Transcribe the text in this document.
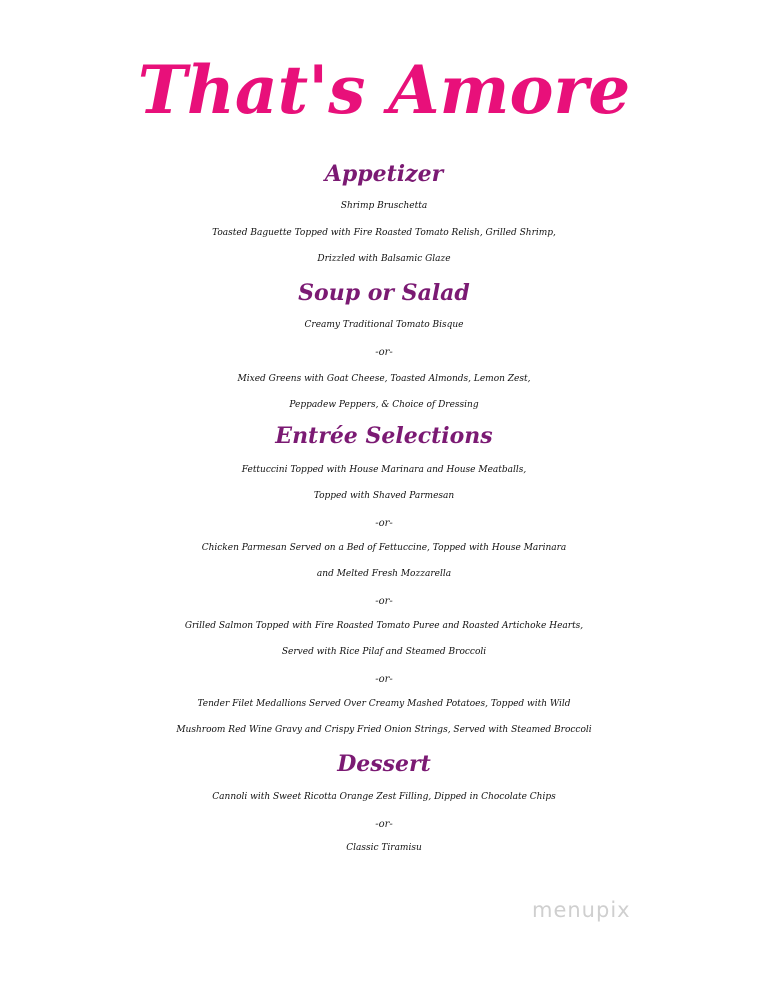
That's Amore
Appetizer
Shrimp Bruschetta
Toasted Baguette Topped with Fire Roasted Tomato Relish, Grilled Shrimp,
Drizzled with Balsamic Glaze
Soup or Salad
Creamy Traditional Tomato Bisque
-or-
Mixed Greens with Goat Cheese, Toasted Almonds, Lemon Zest,
Peppadew Peppers, & Choice of Dressing
Entrée Selections
Fettuccini Topped with House Marinara and House Meatballs,
Topped with Shaved Parmesan
-or-
Chicken Parmesan Served on a Bed of Fettuccine, Topped with House Marinara
and Melted Fresh Mozzarella
-or-
Grilled Salmon Topped with Fire Roasted Tomato Puree and Roasted Artichoke Hearts,
Served with Rice Pilaf and Steamed Broccoli
-or-
Tender Filet Medallions Served Over Creamy Mashed Potatoes, Topped with Wild
Mushroom Red Wine Gravy and Crispy Fried Onion Strings, Served with Steamed Broccoli
Dessert
Cannoli with Sweet Ricotta Orange Zest Filling, Dipped in Chocolate Chips
-or-
Classic Tiramisu
menupix
